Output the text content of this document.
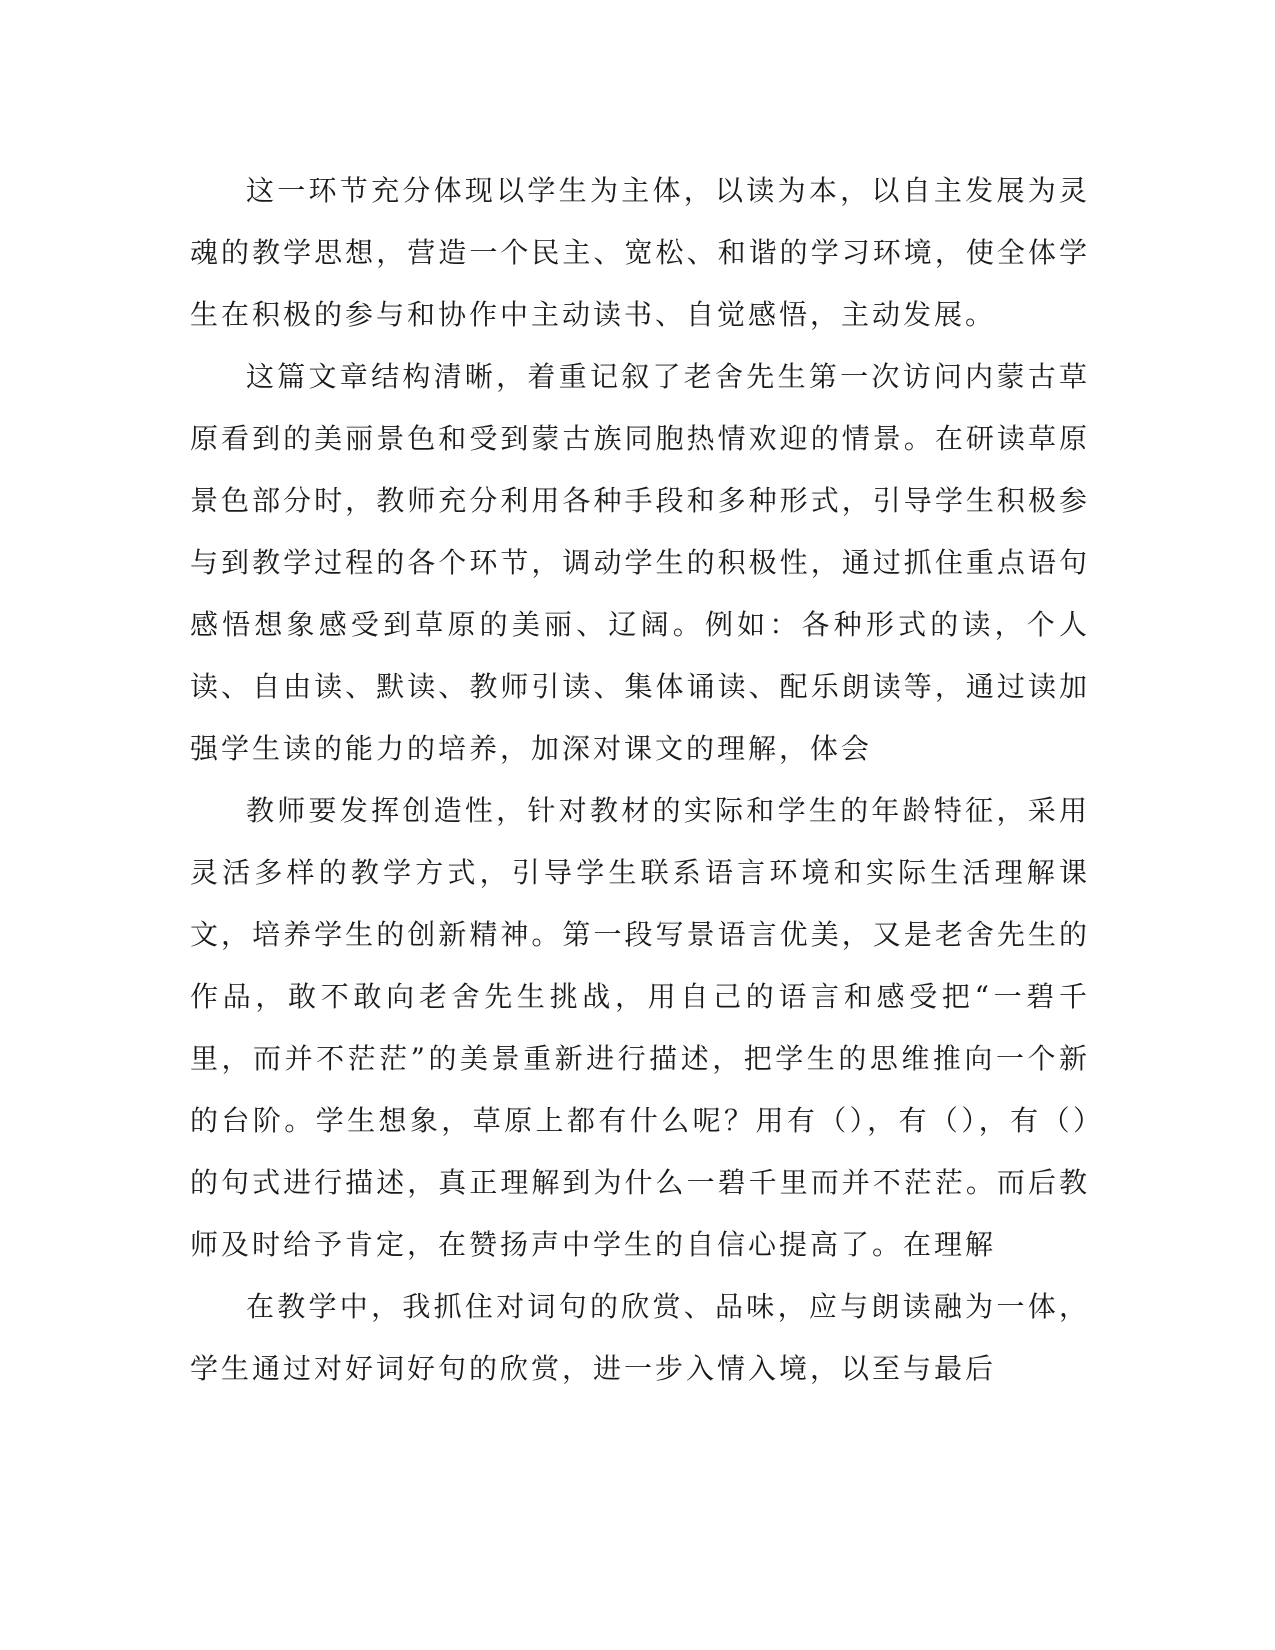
这一环节充分体现以学生为主体，以读为本，以自主发展为灵魂的教学思想，营造一个民主、宽松、和谐的学习环境，使全体学生在积极的参与和协作中主动读书、自觉感悟，主动发展。

这篇文章结构清晰，着重记叙了老舍先生第一次访问内蒙古草原看到的美丽景色和受到蒙古族同胞热情欢迎的情景。在研读草原景色部分时，教师充分利用各种手段和多种形式，引导学生积极参与到教学过程的各个环节，调动学生的积极性，通过抓住重点语句感悟想象感受到草原的美丽、辽阔。例如：各种形式的读，个人读、自由读、默读、教师引读、集体诵读、配乐朗读等，通过读加强学生读的能力的培养，加深对课文的理解，体会

教师要发挥创造性，针对教材的实际和学生的年龄特征，采用灵活多样的教学方式，引导学生联系语言环境和实际生活理解课文，培养学生的创新精神。第一段写景语言优美，又是老舍先生的作品，敢不敢向老舍先生挑战，用自己的语言和感受把“一碧千里，而并不茫茫”的美景重新进行描述，把学生的思维推向一个新的台阶。学生想象，草原上都有什么呢？用有（），有（），有（）的句式进行描述，真正理解到为什么一碧千里而并不茫茫。而后教师及时给予肯定，在赞扬声中学生的自信心提高了。在理解

在教学中，我抓住对词句的欣赏、品味，应与朗读融为一体，学生通过对好词好句的欣赏，进一步入情入境，以至与最后
